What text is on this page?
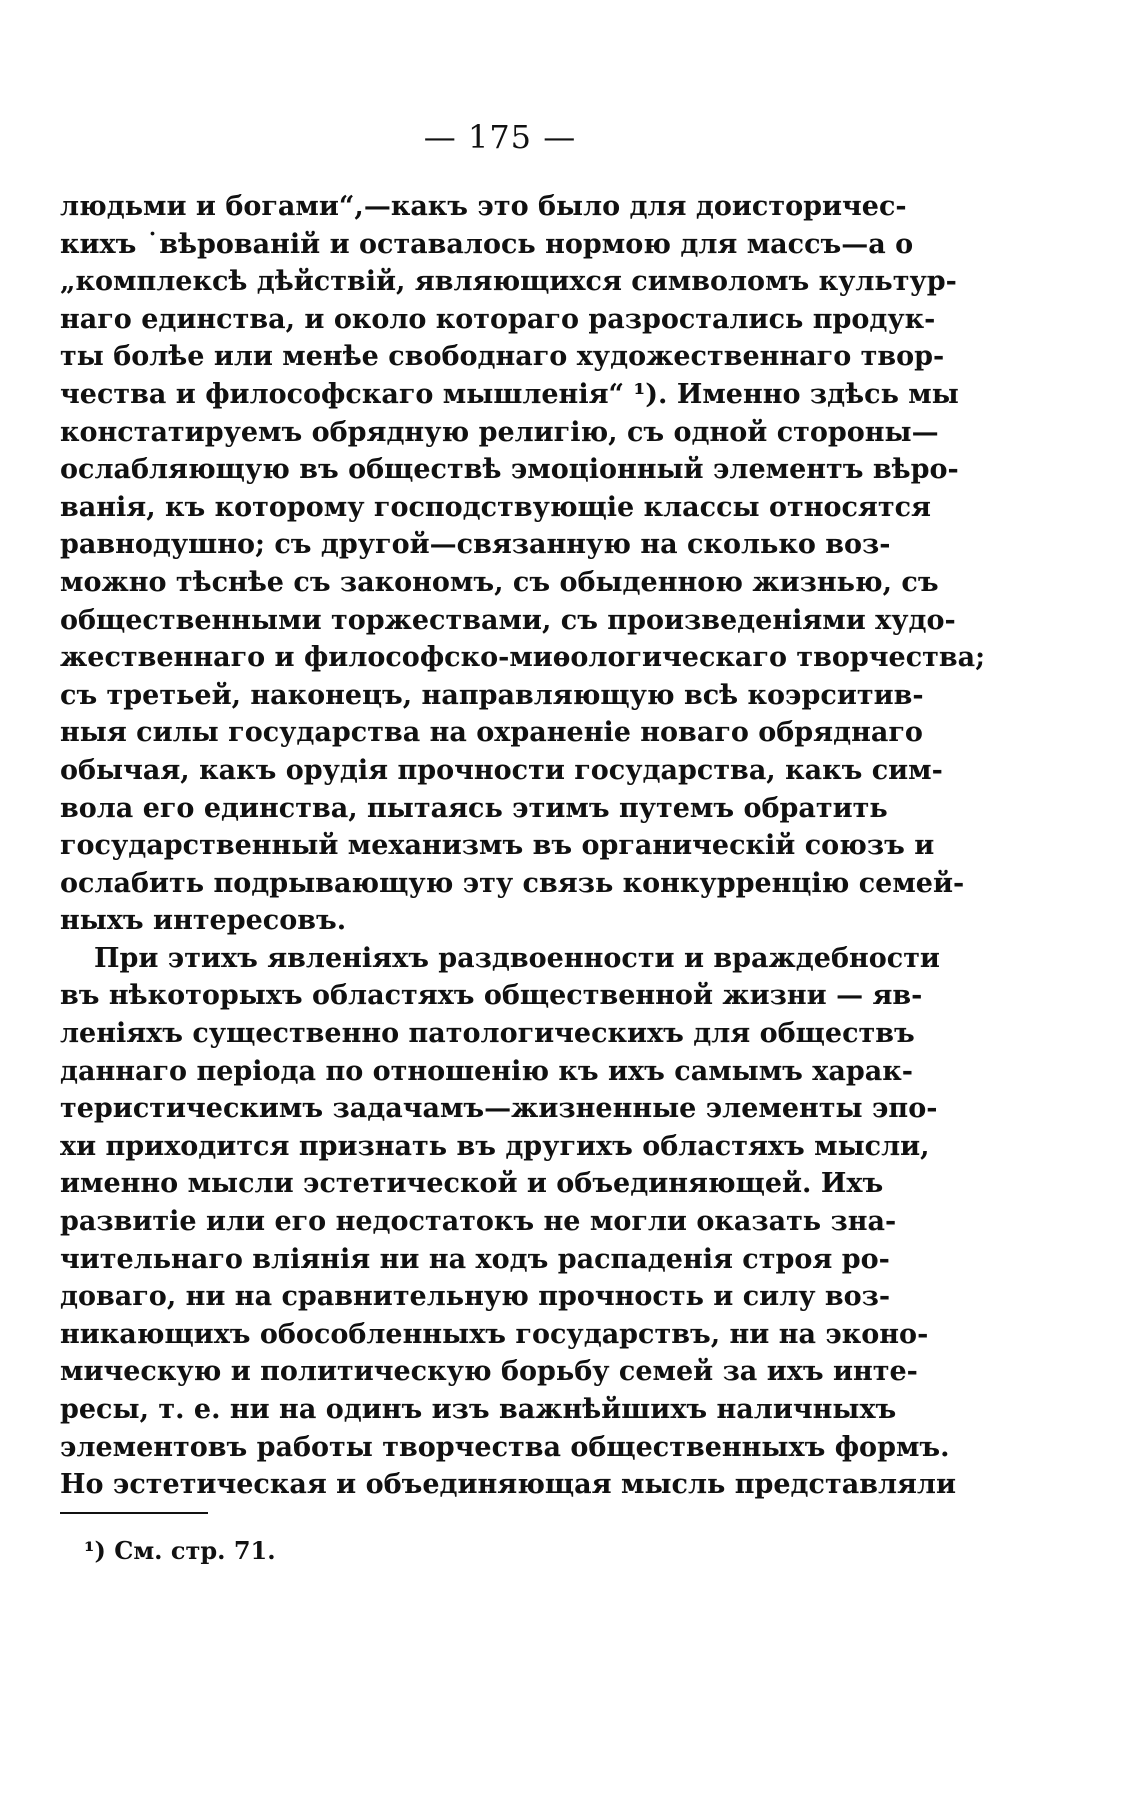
— 175 —
людьми и богами“,—какъ это было для доисторичес-
кихъ ˙вѣрованій и оставалось нормою для массъ—а о
„комплексѣ дѣйствій, являющихся символомъ культур-
наго единства, и около котораго разростались продук-
ты болѣе или менѣе свободнаго художественнаго твор-
чества и философскаго мышленія“ ¹). Именно здѣсь мы
констатируемъ обрядную религію, съ одной стороны—
ослабляющую въ обществѣ эмоціонный элементъ вѣро-
ванія, къ которому господствующіе классы относятся
равнодушно; съ другой—связанную на сколько воз-
можно тѣснѣе съ закономъ, съ обыденною жизнью, съ
общественными торжествами, съ произведеніями худо-
жественнаго и философско-миѳологическаго творчества;
съ третьей, наконецъ, направляющую всѣ коэрситив-
ныя силы государства на охраненіе новаго обряднаго
обычая, какъ орудія прочности государства, какъ сим-
вола его единства, пытаясь этимъ путемъ обратить
государственный механизмъ въ органическій союзъ и
ослабить подрывающую эту связь конкурренцію семей-
ныхъ интересовъ.
При этихъ явленіяхъ раздвоенности и враждебности
въ нѣкоторыхъ областяхъ общественной жизни — яв-
леніяхъ существенно патологическихъ для обществъ
даннаго періода по отношенію къ ихъ самымъ харак-
теристическимъ задачамъ—жизненные элементы эпо-
хи приходится признать въ другихъ областяхъ мысли,
именно мысли эстетической и объединяющей. Ихъ
развитіе или его недостатокъ не могли оказать зна-
чительнаго вліянія ни на ходъ распаденія строя ро-
доваго, ни на сравнительную прочность и силу воз-
никающихъ обособленныхъ государствъ, ни на эконо-
мическую и политическую борьбу семей за ихъ инте-
ресы, т. е. ни на одинъ изъ важнѣйшихъ наличныхъ
элементовъ работы творчества общественныхъ формъ.
Но эстетическая и объединяющая мысль представляли
¹) См. стр. 71.
